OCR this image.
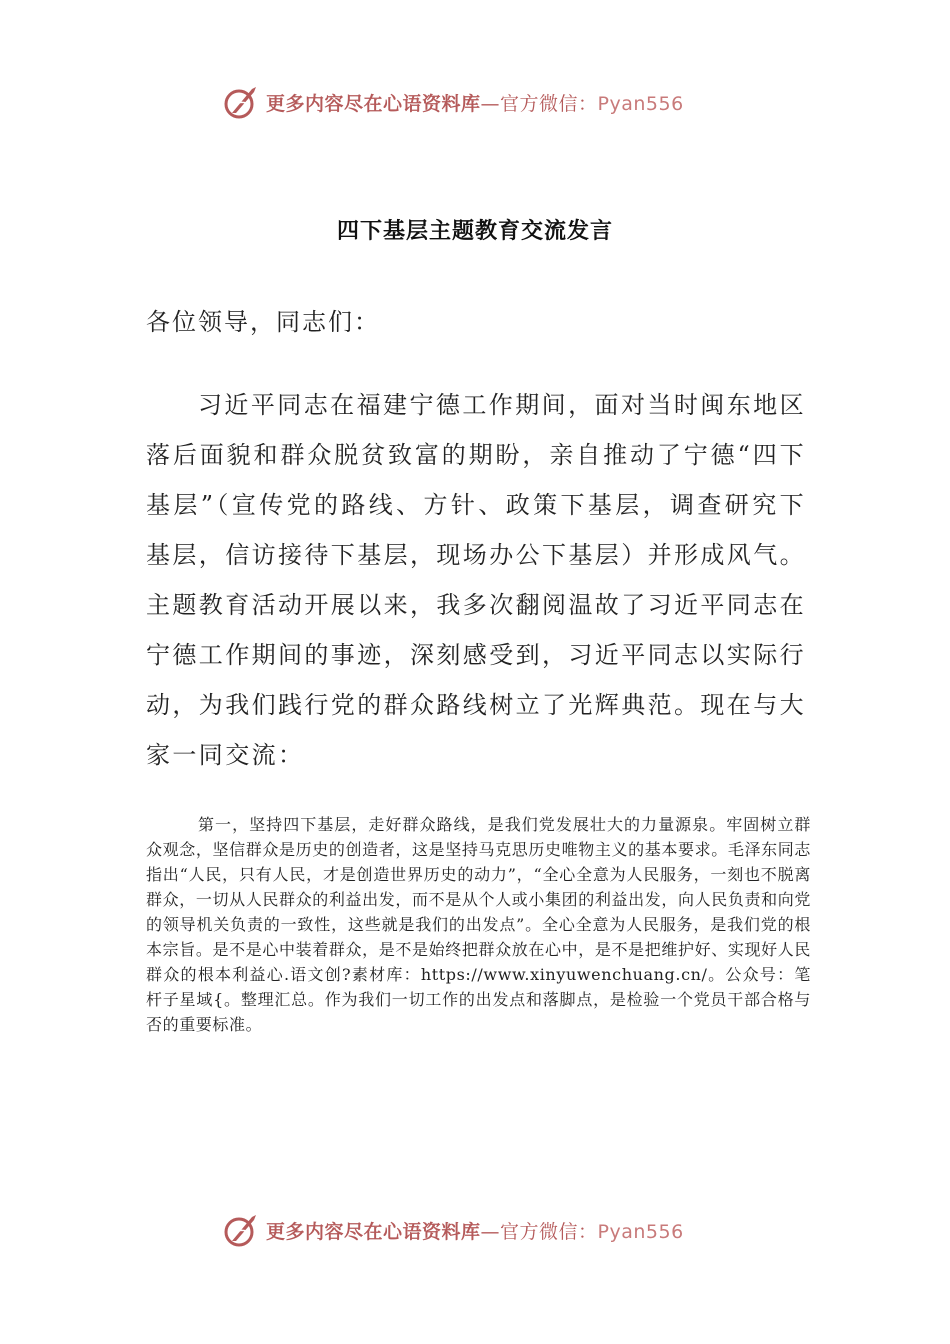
更多内容尽在心语资料库—官方微信：Pyan556
四下基层主题教育交流发言
各位领导，同志们：

习近平同志在福建宁德工作期间，面对当时闽东地区落后面貌和群众脱贫致富的期盼，亲自推动了宁德“四下基层”（宣传党的路线、方针、政策下基层，调查研究下基层，信访接待下基层，现场办公下基层）并形成风气。主题教育活动开展以来，我多次翻阅温故了习近平同志在宁德工作期间的事迹，深刻感受到，习近平同志以实际行动，为我们践行党的群众路线树立了光辉典范。现在与大家一同交流：

第一，坚持四下基层，走好群众路线，是我们党发展壮大的力量源泉。牢固树立群众观念，坚信群众是历史的创造者，这是坚持马克思历史唯物主义的基本要求。毛泽东同志指出“人民，只有人民，才是创造世界历史的动力”，“全心全意为人民服务，一刻也不脱离群众，一切从人民群众的利益出发，而不是从个人或小集团的利益出发，向人民负责和向党的领导机关负责的一致性，这些就是我们的出发点”。全心全意为人民服务，是我们党的根本宗旨。是不是心中装着群众，是不是始终把群众放在心中，是不是把维护好、实现好人民群众的根本利益心.语文创?素材库：https://www.xinyuwenchuang.cn/。公众号：笔杆子星域{。整理汇总。作为我们一切工作的出发点和落脚点，是检验一个党员干部合格与否的重要标准。

更多内容尽在心语资料库—官方微信：Pyan556
